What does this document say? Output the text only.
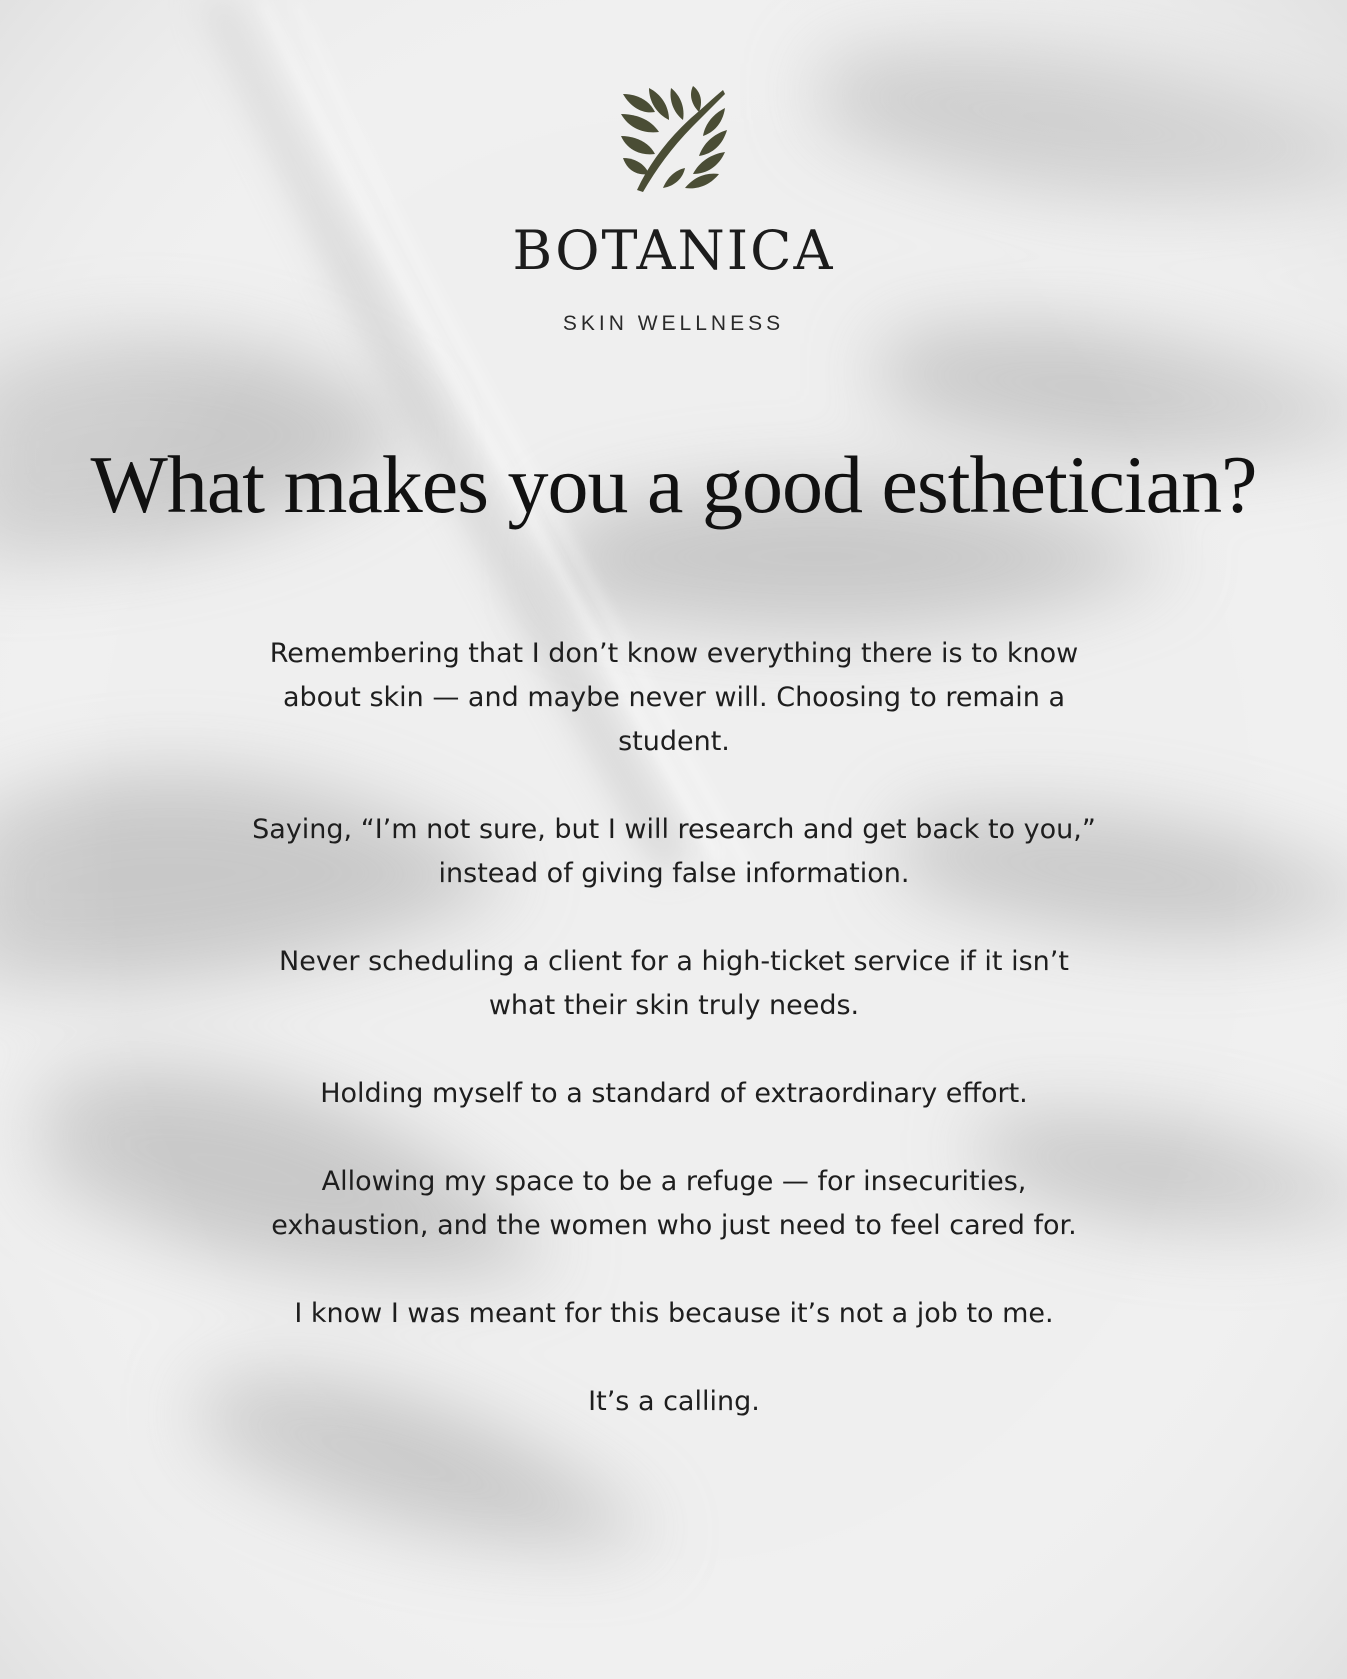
BOTANICA
SKIN WELLNESS
What makes you a good esthetician?

Remembering that I don’t know everything there is to know about skin — and maybe never will. Choosing to remain a student.

Saying, “I’m not sure, but I will research and get back to you,” instead of giving false information.

Never scheduling a client for a high-ticket service if it isn’t what their skin truly needs.

Holding myself to a standard of extraordinary effort.

Allowing my space to be a refuge — for insecurities, exhaustion, and the women who just need to feel cared for.

I know I was meant for this because it’s not a job to me.

It’s a calling.
